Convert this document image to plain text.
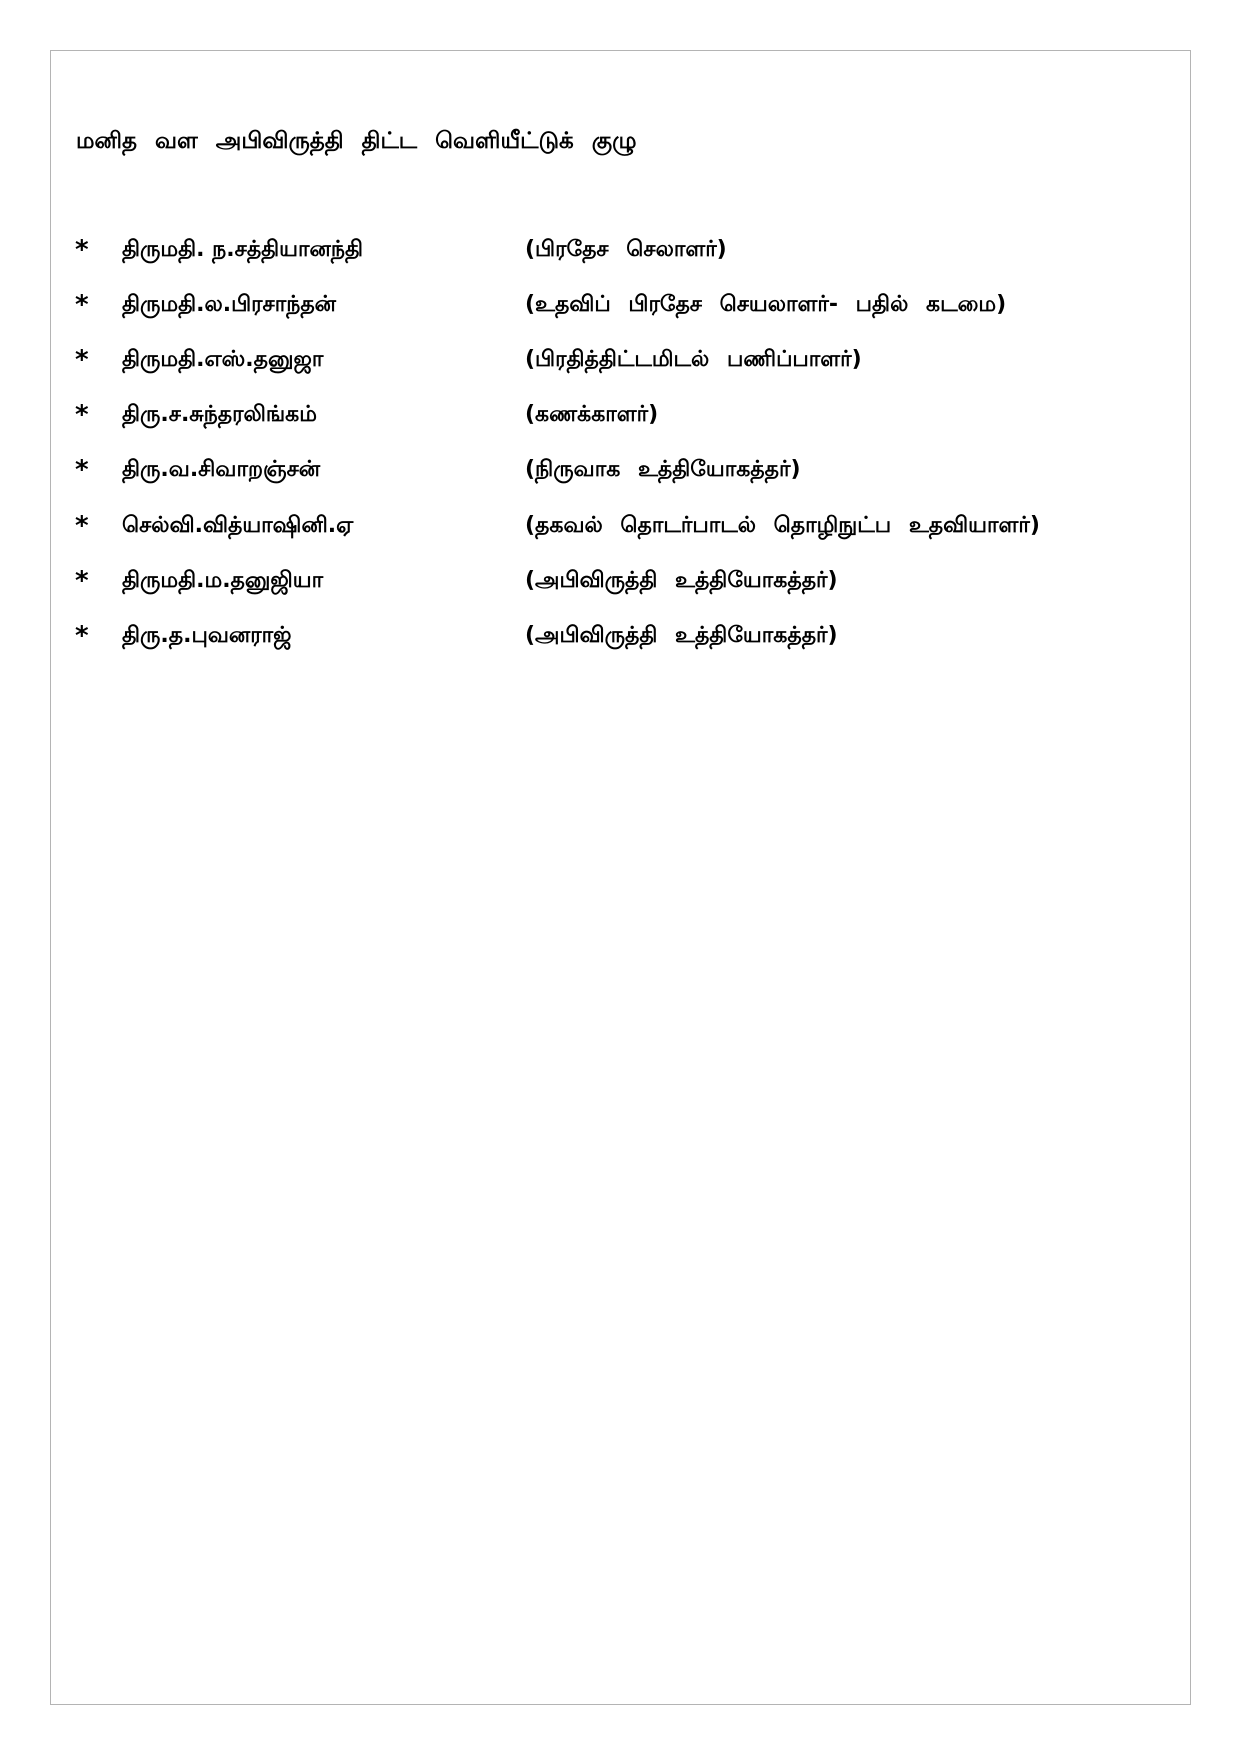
மனித வள அபிவிருத்தி திட்ட வெளியீட்டுக் குழு
* திருமதி. ந.சத்தியானந்தி	(பிரதேச செலாளர்)
* திருமதி.ல.பிரசாந்தன்	(உதவிப் பிரதேச செயலாளர்- பதில் கடமை)
* திருமதி.எஸ்.தனுஜா	(பிரதித்திட்டமிடல் பணிப்பாளர்)
* திரு.ச.சுந்தரலிங்கம்	(கணக்காளர்)
* திரு.வ.சிவாறஞ்சன்	(நிருவாக உத்தியோகத்தர்)
* செல்வி.வித்யாஷினி.ஏ	(தகவல் தொடர்பாடல் தொழிநுட்ப உதவியாளர்)
* திருமதி.ம.தனுஜியா	(அபிவிருத்தி உத்தியோகத்தர்)
* திரு.த.புவனராஜ்	(அபிவிருத்தி உத்தியோகத்தர்)
